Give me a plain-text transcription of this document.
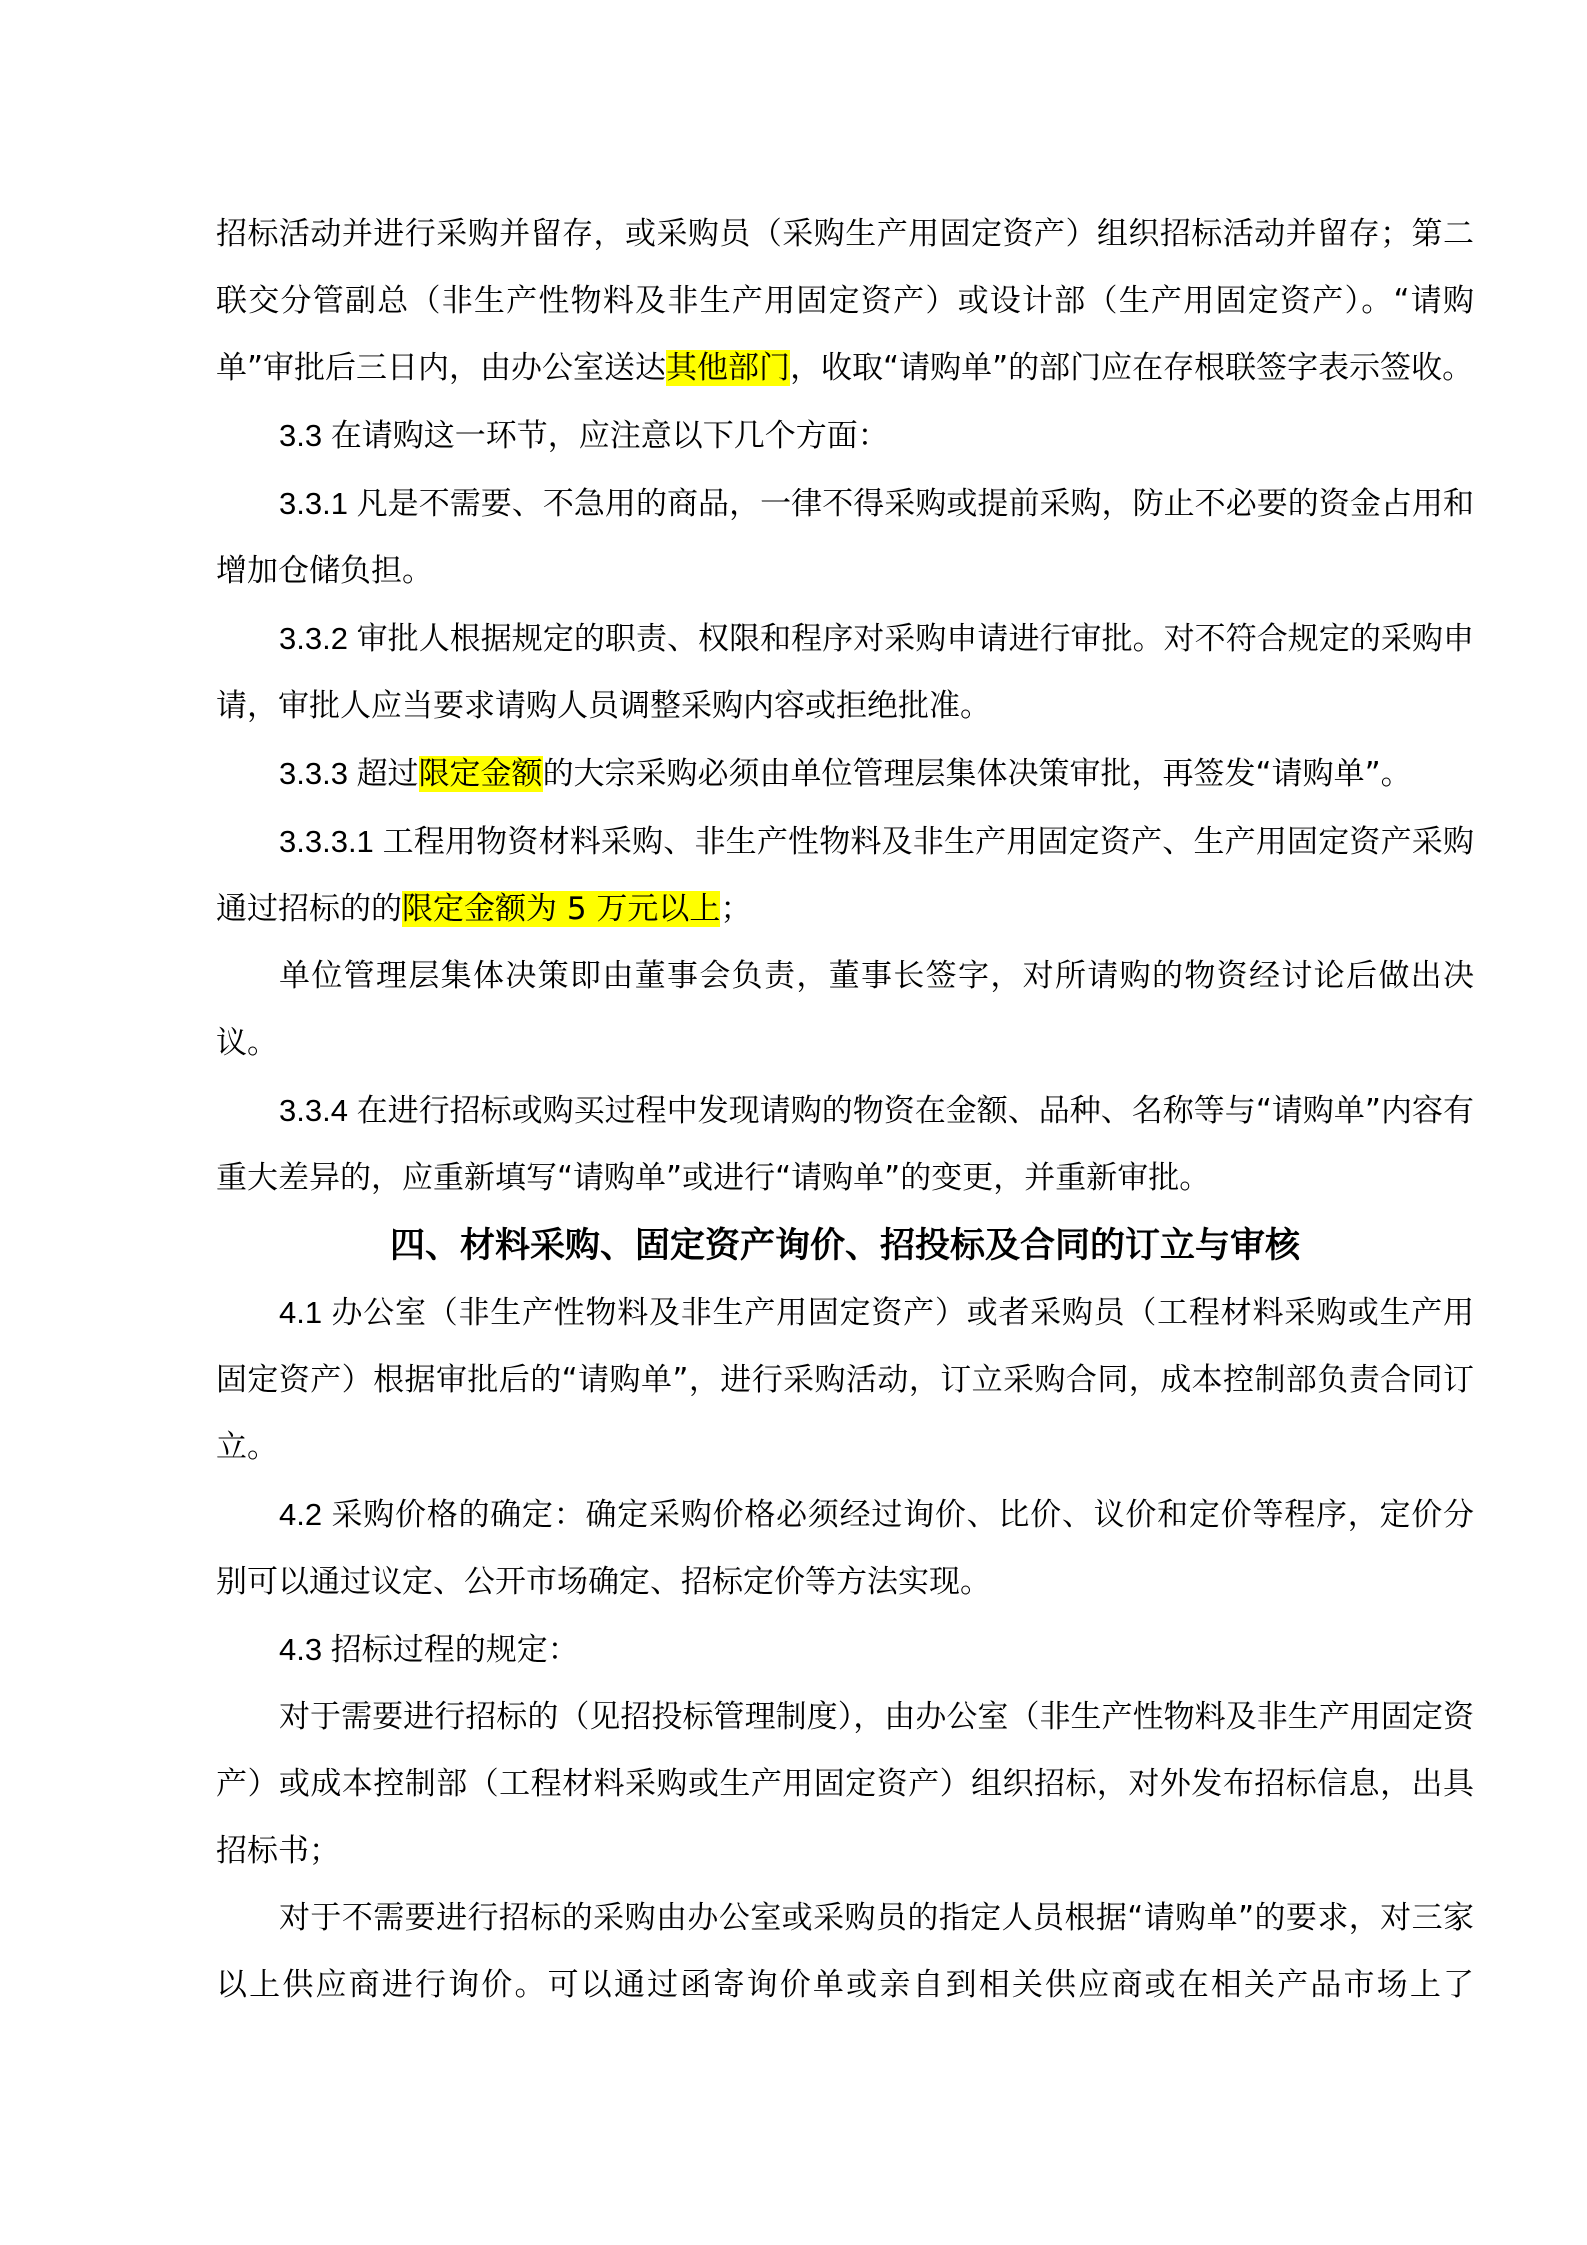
招标活动并进行采购并留存，或采购员（采购生产用固定资产）组织招标活动并留存；第二联交分管副总（非生产性物料及非生产用固定资产）或设计部（生产用固定资产）。“请购单”审批后三日内，由办公室送达其他部门，收取“请购单”的部门应在存根联签字表示签收。

3.3 在请购这一环节，应注意以下几个方面：

3.3.1 凡是不需要、不急用的商品，一律不得采购或提前采购，防止不必要的资金占用和增加仓储负担。

3.3.2 审批人根据规定的职责、权限和程序对采购申请进行审批。对不符合规定的采购申请，审批人应当要求请购人员调整采购内容或拒绝批准。

3.3.3 超过限定金额的大宗采购必须由单位管理层集体决策审批，再签发“请购单”。

3.3.3.1 工程用物资材料采购、非生产性物料及非生产用固定资产、生产用固定资产采购通过招标的的限定金额为 5 万元以上；

单位管理层集体决策即由董事会负责，董事长签字，对所请购的物资经讨论后做出决议。

3.3.4 在进行招标或购买过程中发现请购的物资在金额、品种、名称等与“请购单”内容有重大差异的，应重新填写“请购单”或进行“请购单”的变更，并重新审批。

四、材料采购、固定资产询价、招投标及合同的订立与审核

4.1 办公室（非生产性物料及非生产用固定资产）或者采购员（工程材料采购或生产用固定资产）根据审批后的“请购单”，进行采购活动，订立采购合同，成本控制部负责合同订立。

4.2 采购价格的确定：确定采购价格必须经过询价、比价、议价和定价等程序，定价分别可以通过议定、公开市场确定、招标定价等方法实现。

4.3 招标过程的规定：

对于需要进行招标的（见招投标管理制度），由办公室（非生产性物料及非生产用固定资产）或成本控制部（工程材料采购或生产用固定资产）组织招标，对外发布招标信息，出具招标书；

对于不需要进行招标的采购由办公室或采购员的指定人员根据“请购单”的要求，对三家以上供应商进行询价。可以通过函寄询价单或亲自到相关供应商或在相关产品市场上了
